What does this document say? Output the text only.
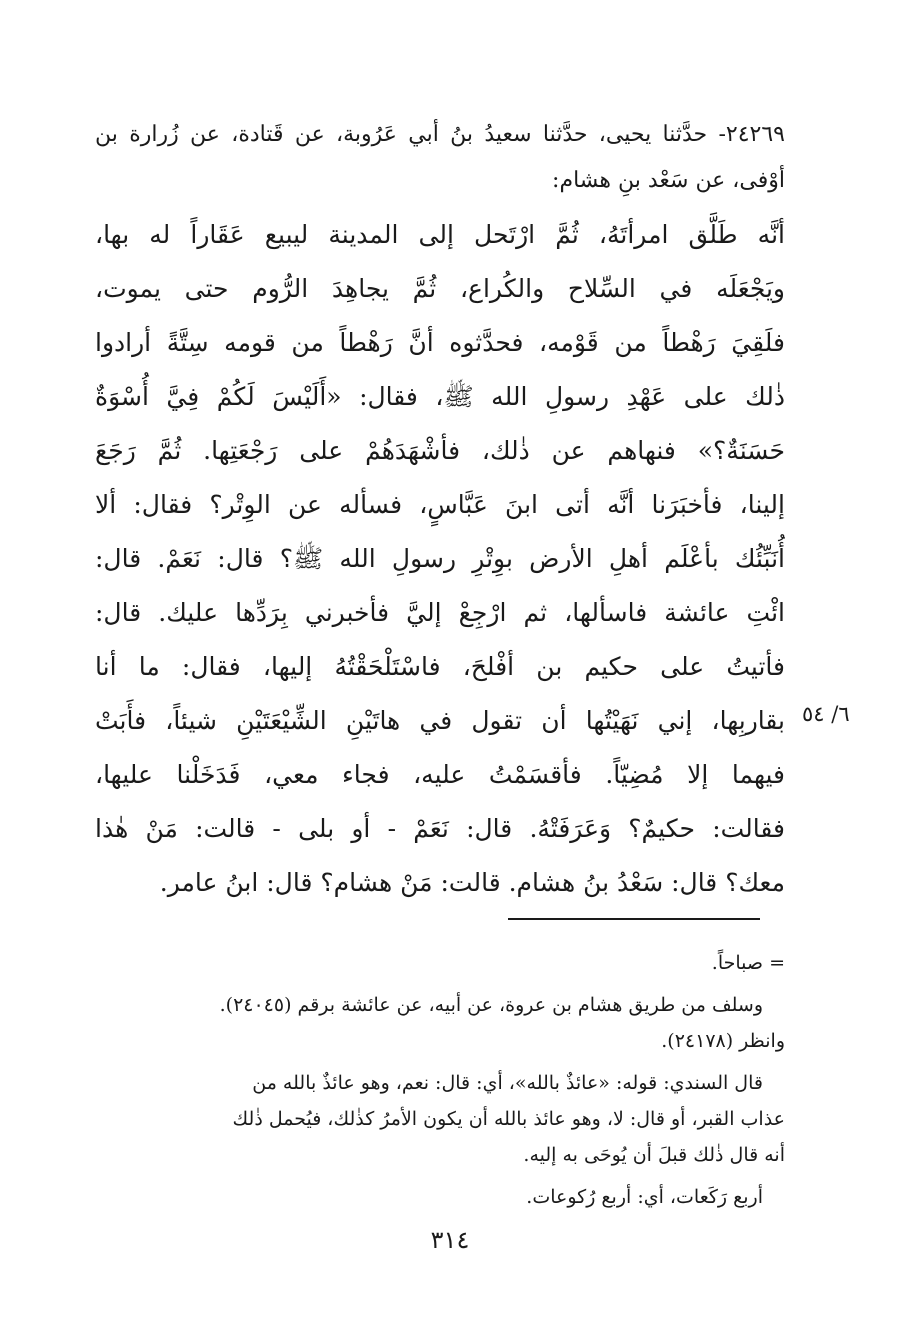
٢٤٢٦٩- حدَّثنا يحيى، حدَّثنا سعيدُ بنُ أبي عَرُوبة، عن قَتادة، عن زُرارة بن أوْفى، عن سَعْد بنِ هشام:
أنَّه طَلَّق امرأتَهُ، ثُمَّ ارْتَحل إلى المدينة ليبيع عَقَاراً له بها،
ويَجْعَلَه في السِّلاح والكُراع، ثُمَّ يجاهِدَ الرُّوم حتى يموت،
فلَقِيَ رَهْطاً من قَوْمه، فحدَّثوه أنَّ رَهْطاً من قومه سِتَّةً أرادوا
ذٰلك على عَهْدِ رسولِ الله ﷺ، فقال: «أَلَيْسَ لَكُمْ فِيَّ أُسْوَةٌ
حَسَنَةٌ؟» فنهاهم عن ذٰلك، فأشْهَدَهُمْ على رَجْعَتِها. ثُمَّ رَجَعَ
إلينا، فأخبَرَنا أنَّه أتى ابنَ عَبَّاسٍ، فسأله عن الوِتْر؟ فقال: ألا
أُنَبِّئُك بأعْلَم أهلِ الأرض بوِتْرِ رسولِ الله ﷺ؟ قال: نَعَمْ. قال:
ائْتِ عائشة فاسألها، ثم ارْجِعْ إليَّ فأخبرني بِرَدِّها عليك. قال:
فأتيتُ على حكيم بن أفْلحَ، فاسْتَلْحَقْتُهُ إليها، فقال: ما أنا
بقاربِها، إني نَهَيْتُها أن تقول في هاتَيْنِ الشِّيْعَتَيْنِ شيئاً، فأَبَتْ
فيهما إلا مُضِيّاً. فأقسَمْتُ عليه، فجاء معي، فَدَخَلْنا عليها،
فقالت: حكيمٌ؟ وَعَرَفَتْهُ. قال: نَعَمْ - أو بلى - قالت: مَنْ هٰذا
معك؟ قال: سَعْدُ بنُ هشام. قالت: مَنْ هشام؟ قال: ابنُ عامر.
٦/ ٥٤
= صباحاً.
وسلف من طريق هشام بن عروة، عن أبيه، عن عائشة برقم (٢٤٠٤٥).
وانظر (٢٤١٧٨).
قال السندي: قوله: «عائذٌ بالله»، أي: قال: نعم، وهو عائذٌ بالله من
عذاب القبر، أو قال: لا، وهو عائذ بالله أن يكون الأمرُ كذٰلك، فيُحمل ذٰلك
أنه قال ذٰلك قبلَ أن يُوحَى به إليه.
أربع رَكَعات، أي: أربع رُكوعات.
٣١٤
